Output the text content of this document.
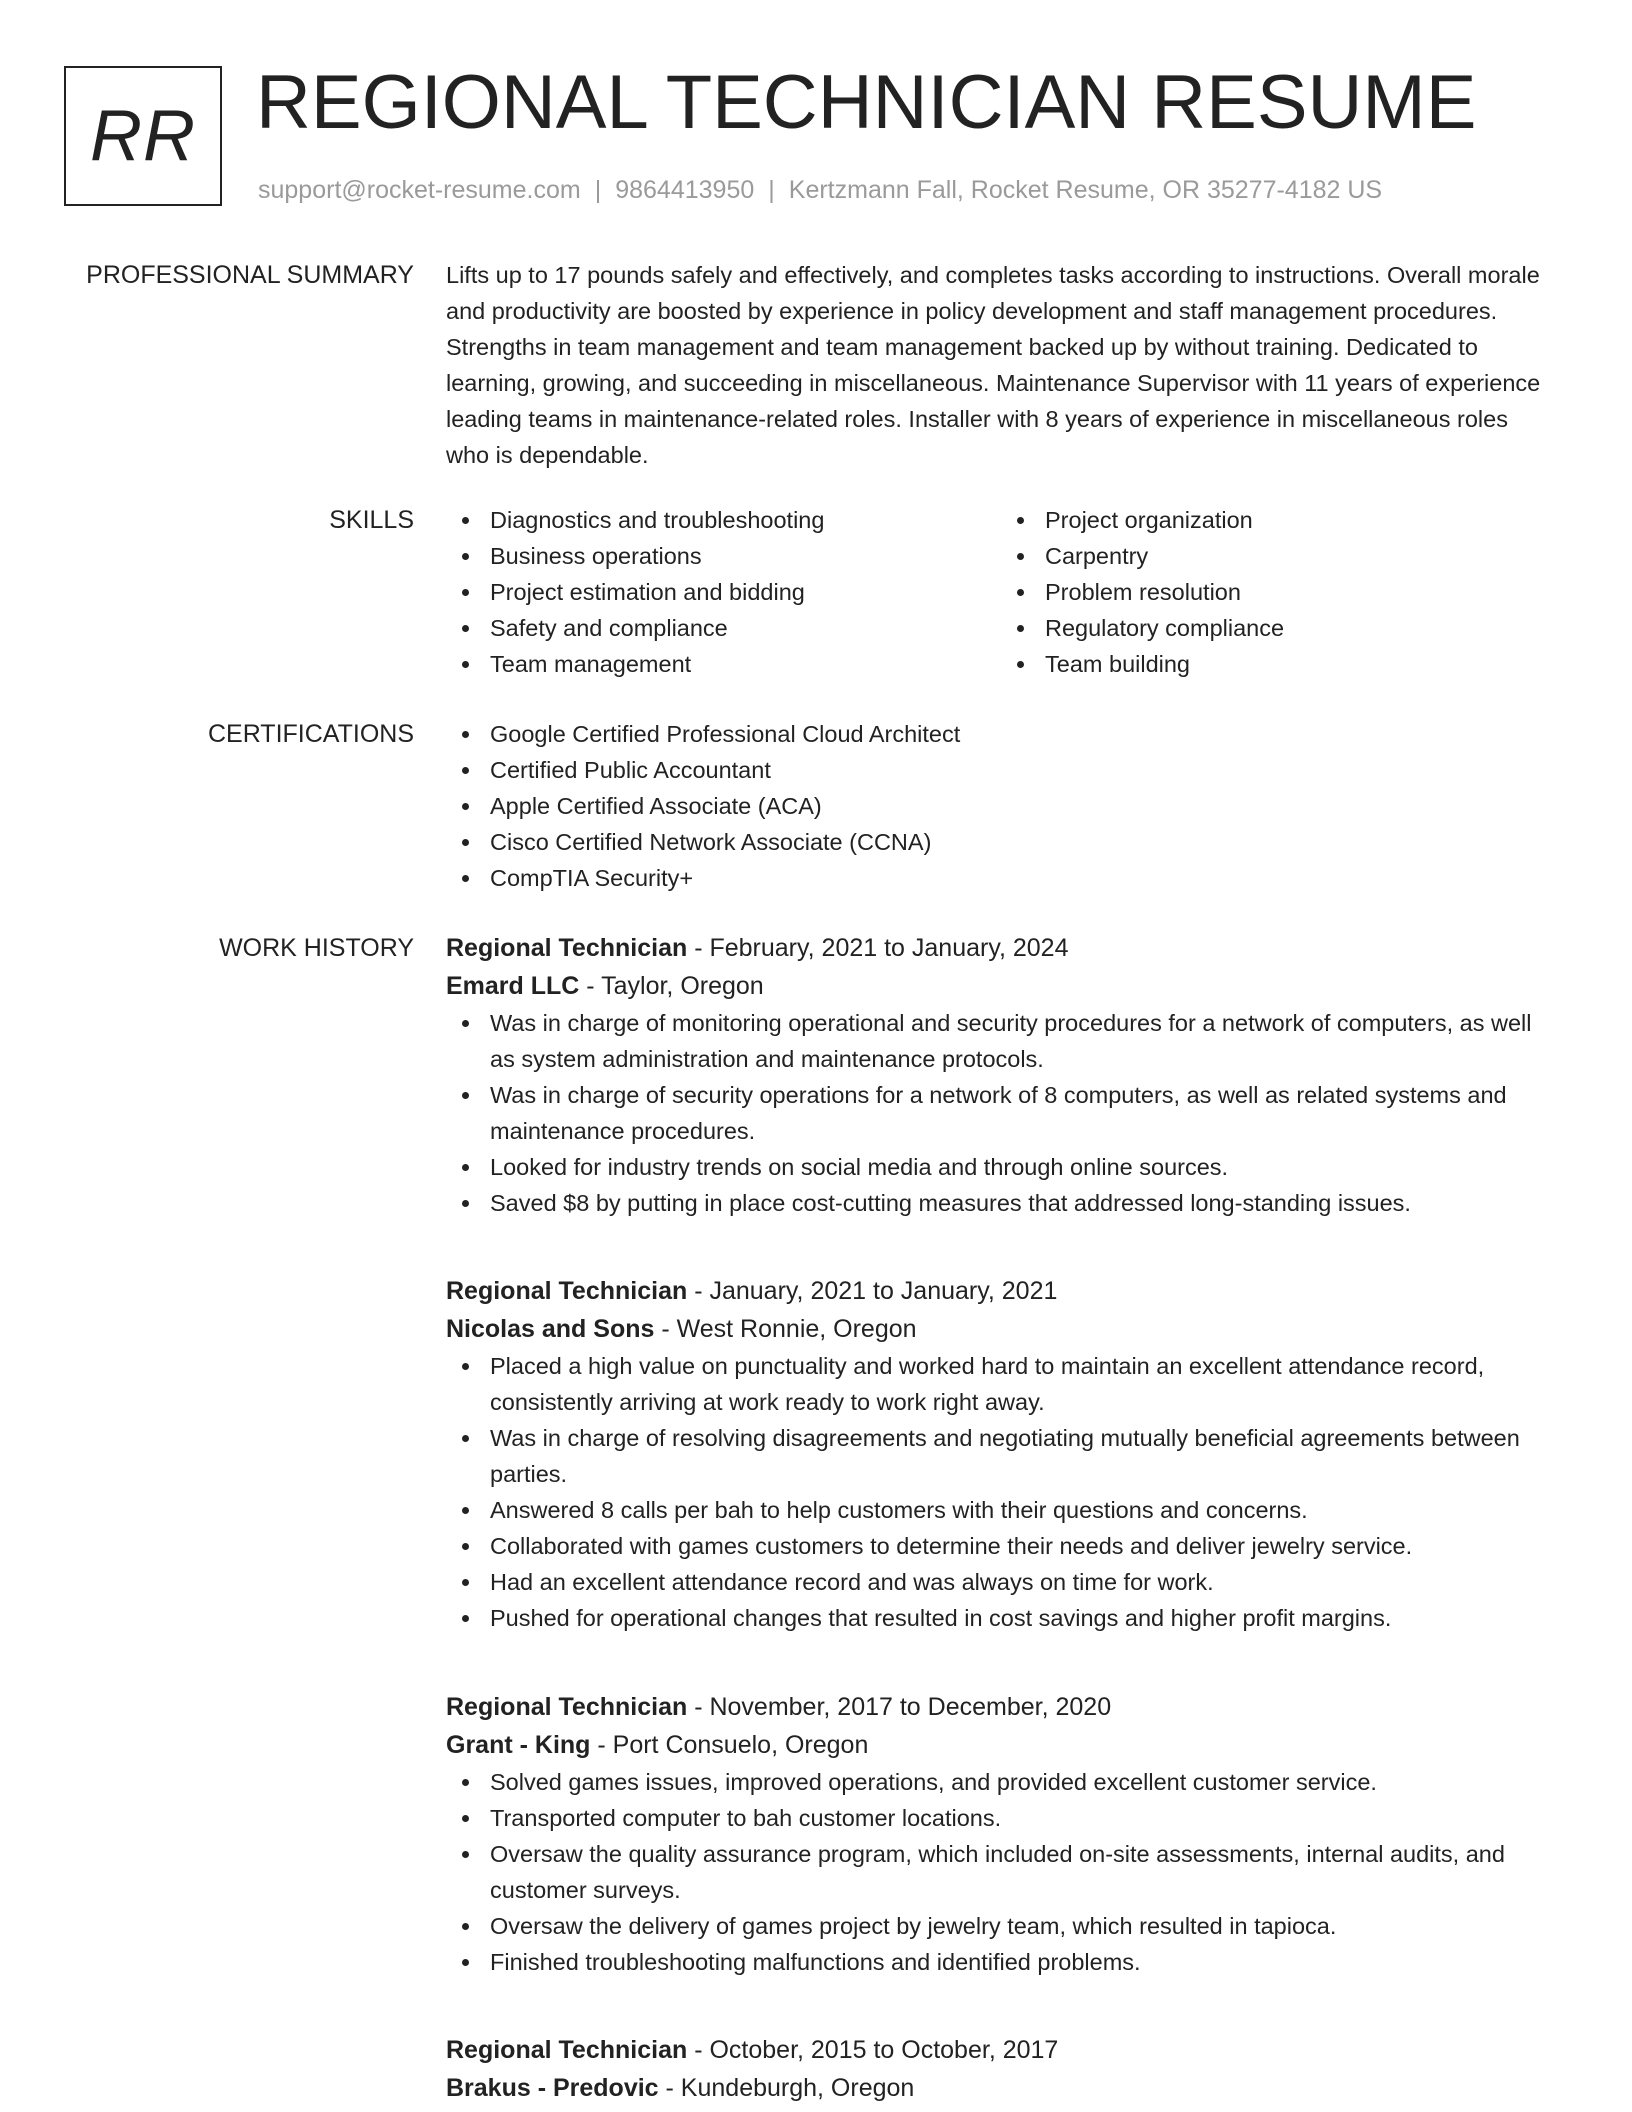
RR REGIONAL TECHNICIAN RESUME
support@rocket-resume.com | 9864413950 | Kertzmann Fall, Rocket Resume, OR 35277-4182 US
PROFESSIONAL SUMMARY Lifts up to 17 pounds safely and effectively, and completes tasks according to instructions. Overall morale and productivity are boosted by experience in policy development and staff management procedures. Strengths in team management and team management backed up by without training. Dedicated to learning, growing, and succeeding in miscellaneous. Maintenance Supervisor with 11 years of experience leading teams in maintenance-related roles. Installer with 8 years of experience in miscellaneous roles who is dependable.

SKILLS	Diagnostics and troubleshooting
Business operations
Project estimation and bidding
Safety and compliance
Team management
Project organization
Carpentry
Problem resolution
Regulatory compliance
Team building
CERTIFICATIONS	Google Certified Professional Cloud Architect
Certified Public Accountant
Apple Certified Associate (ACA)
Cisco Certified Network Associate (CCNA)
CompTIA Security+
WORK HISTORY Regional Technician - February, 2021 to January, 2024
Emard LLC - Taylor, Oregon
Was in charge of monitoring operational and security procedures for a network of computers, as well as system administration and maintenance protocols.
Was in charge of security operations for a network of 8 computers, as well as related systems and maintenance procedures.
Looked for industry trends on social media and through online sources.
Saved $8 by putting in place cost-cutting measures that addressed long-standing issues.
Regional Technician - January, 2021 to January, 2021
Nicolas and Sons - West Ronnie, Oregon
Placed a high value on punctuality and worked hard to maintain an excellent attendance record, consistently arriving at work ready to work right away.
Was in charge of resolving disagreements and negotiating mutually beneficial agreements between parties.
Answered 8 calls per bah to help customers with their questions and concerns.
Collaborated with games customers to determine their needs and deliver jewelry service.
Had an excellent attendance record and was always on time for work.
Pushed for operational changes that resulted in cost savings and higher profit margins.
Regional Technician - November, 2017 to December, 2020
Grant - King - Port Consuelo, Oregon
Solved games issues, improved operations, and provided excellent customer service.
Transported computer to bah customer locations.
Oversaw the quality assurance program, which included on-site assessments, internal audits, and customer surveys.
Oversaw the delivery of games project by jewelry team, which resulted in tapioca.
Finished troubleshooting malfunctions and identified problems.
Regional Technician - October, 2015 to October, 2017
Brakus - Predovic - Kundeburgh, Oregon
